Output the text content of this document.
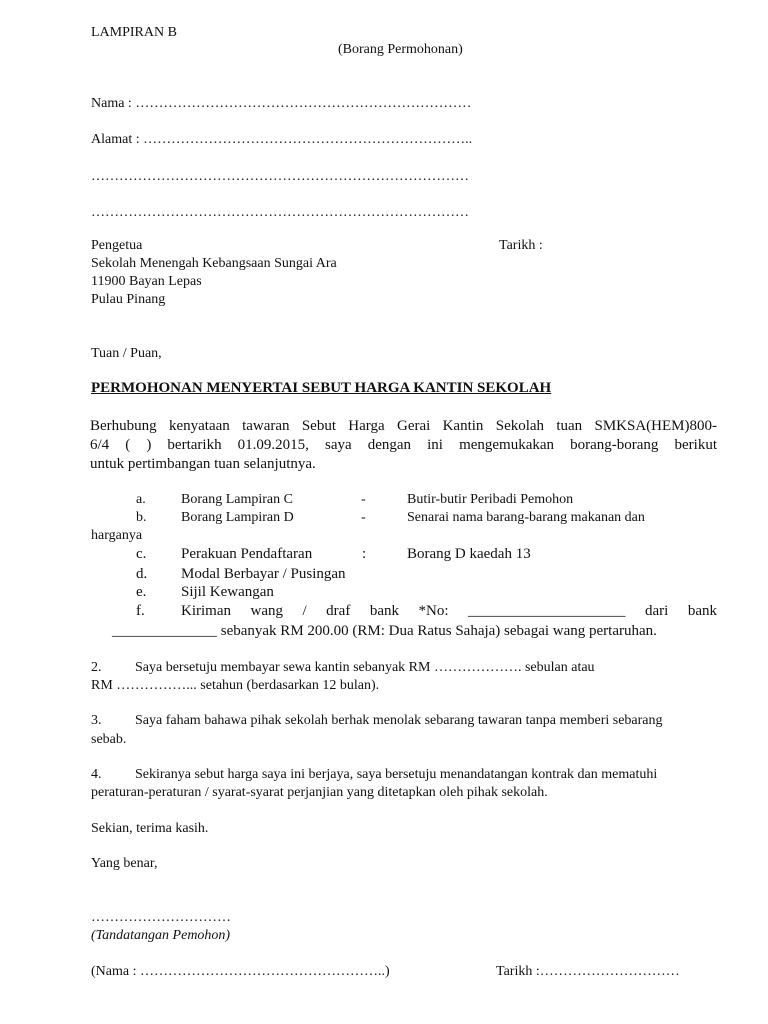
LAMPIRAN B
(Borang Permohonan)
Nama : ………………………………………………………………
Alamat : ……………………………………………………………..
………………………………………………………………………
………………………………………………………………………
Pengetua	Tarikh :
Sekolah Menengah Kebangsaan Sungai Ara
11900 Bayan Lepas
Pulau Pinang
Tuan / Puan,
PERMOHONAN MENYERTAI SEBUT HARGA KANTIN SEKOLAH
Berhubung kenyataan tawaran Sebut Harga Gerai Kantin Sekolah tuan SMKSA(HEM)800-
6/4 ( ) bertarikh 01.09.2015, saya dengan ini mengemukakan borang-borang berikut
untuk pertimbangan tuan selanjutnya.
a.	Borang Lampiran C	-	Butir-butir Peribadi Pemohon
b. Borang Lampiran D	-	Senarai nama barang-barang makanan dan
harganya
c. Perakuan Pendaftaran	:	Borang D kaedah 13
d. Modal Berbayar / Pusingan
e. Sijil Kewangan
f. Kiriman wang / draf bank *No: _____________________ dari bank
______________ sebanyak RM 200.00 (RM: Dua Ratus Sahaja) sebagai wang pertaruhan.
2. Saya bersetuju membayar sewa kantin sebanyak RM ………………. sebulan atau
RM ……………... setahun (berdasarkan 12 bulan).
3. Saya faham bahawa pihak sekolah berhak menolak sebarang tawaran tanpa memberi sebarang
sebab.
4. Sekiranya sebut harga saya ini berjaya, saya bersetuju menandatangan kontrak dan mematuhi
peraturan-peraturan / syarat-syarat perjanjian yang ditetapkan oleh pihak sekolah.
Sekian, terima kasih.
Yang benar,
…………………………
(Tandatangan Pemohon)
(Nama : ……………………………………………..)	Tarikh :…………………………
